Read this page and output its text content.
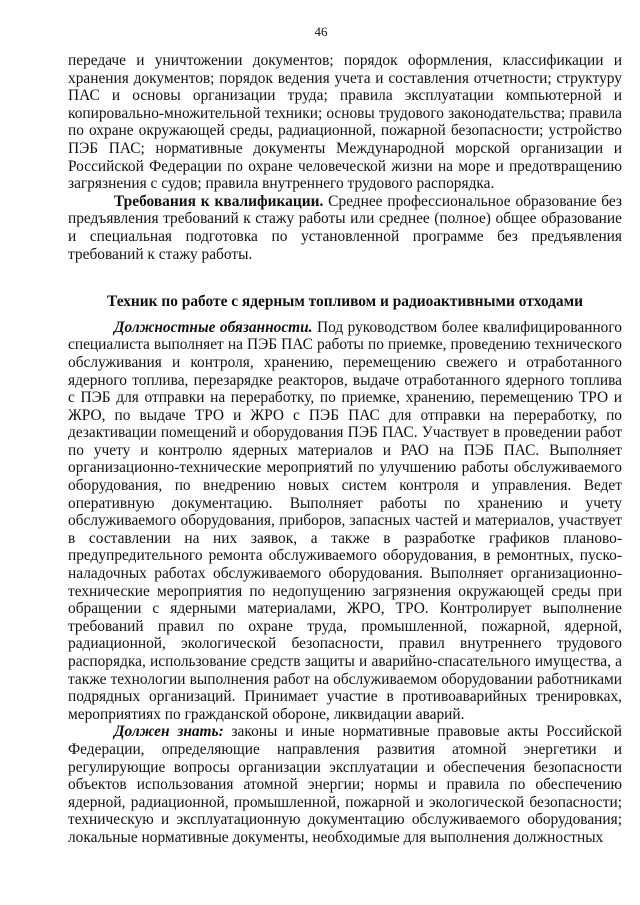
46

передаче и уничтожении документов; порядок оформления, классификации и хранения документов; порядок ведения учета и составления отчетности; структуру ПАС и основы организации труда; правила эксплуатации компьютерной и копировально-множительной техники; основы трудового законодательства; правила по охране окружающей среды, радиационной, пожарной безопасности; устройство ПЭБ ПАС; нормативные документы Международной морской организации и Российской Федерации по охране человеческой жизни на море и предотвращению загрязнения с судов; правила внутреннего трудового распорядка.

Требования к квалификации. Среднее профессиональное образование без предъявления требований к стажу работы или среднее (полное) общее образование и специальная подготовка по установленной программе без предъявления требований к стажу работы.

Техник по работе с ядерным топливом и радиоактивными отходами

Должностные обязанности. Под руководством более квалифицированного специалиста выполняет на ПЭБ ПАС работы по приемке, проведению технического обслуживания и контроля, хранению, перемещению свежего и отработанного ядерного топлива, перезарядке реакторов, выдаче отработанного ядерного топлива с ПЭБ для отправки на переработку, по приемке, хранению, перемещению ТРО и ЖРО, по выдаче ТРО и ЖРО с ПЭБ ПАС для отправки на переработку, по дезактивации помещений и оборудования ПЭБ ПАС. Участвует в проведении работ по учету и контролю ядерных материалов и РАО на ПЭБ ПАС. Выполняет организационно-технические мероприятий по улучшению работы обслуживаемого оборудования, по внедрению новых систем контроля и управления. Ведет оперативную документацию. Выполняет работы по хранению и учету обслуживаемого оборудования, приборов, запасных частей и материалов, участвует в составлении на них заявок, а также в разработке графиков планово-предупредительного ремонта обслуживаемого оборудования, в ремонтных, пуско-наладочных работах обслуживаемого оборудования. Выполняет организационно-технические мероприятия по недопущению загрязнения окружающей среды при обращении с ядерными материалами, ЖРО, ТРО. Контролирует выполнение требований правил по охране труда, промышленной, пожарной, ядерной, радиационной, экологической безопасности, правил внутреннего трудового распорядка, использование средств защиты и аварийно-спасательного имущества, а также технологии выполнения работ на обслуживаемом оборудовании работниками подрядных организаций. Принимает участие в противоаварийных тренировках, мероприятиях по гражданской обороне, ликвидации аварий.

Должен знать: законы и иные нормативные правовые акты Российской Федерации, определяющие направления развития атомной энергетики и регулирующие вопросы организации эксплуатации и обеспечения безопасности объектов использования атомной энергии; нормы и правила по обеспечению ядерной, радиационной, промышленной, пожарной и экологической безопасности; техническую и эксплуатационную документацию обслуживаемого оборудования; локальные нормативные документы, необходимые для выполнения должностных
